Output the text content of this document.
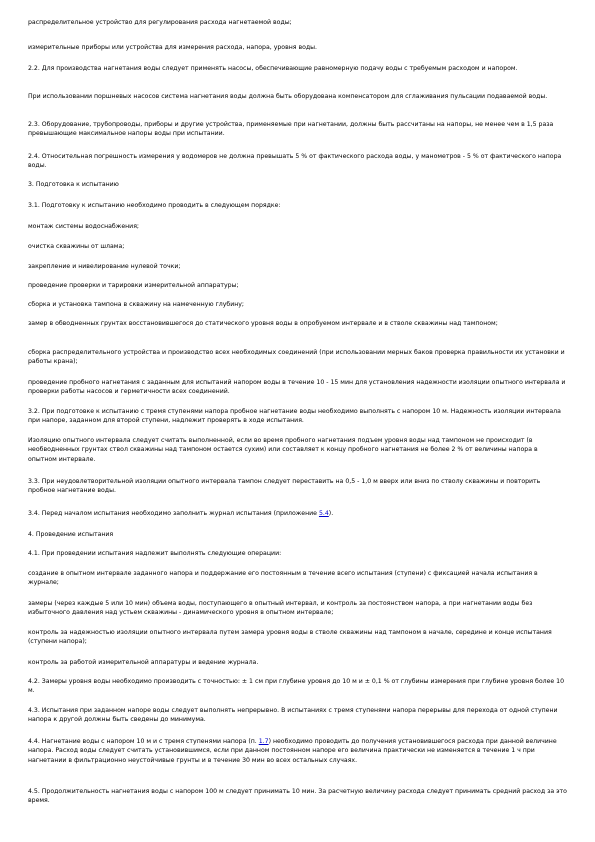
распределительное устройство для регулирования расхода нагнетаемой воды;

измерительные приборы или устройства для измерения расхода, напора, уровня воды.

2.2. Для производства нагнетания воды следует применять насосы, обеспечивающие равномерную подачу воды с требуемым расходом и напором.

При использовании поршневых насосов система нагнетания воды должна быть оборудована компенсатором для сглаживания пульсации подаваемой воды.

2.3. Оборудование, трубопроводы, приборы и другие устройства, применяемые при нагнетании, должны быть рассчитаны на напоры, не менее чем в 1,5 раза превышающие максимальное напоры воды при испытании.

2.4. Относительная погрешность измерения у водомеров не должна превышать 5 % от фактического расхода воды, у манометров - 5 % от фактического напора воды.

3. Подготовка к испытанию

3.1. Подготовку к испытанию необходимо проводить в следующем порядке:

монтаж системы водоснабжения;

очистка скважины от шлама;

закрепление и нивелирование нулевой точки;

проведение проверки и тарировки измерительной аппаратуры;

сборка и установка тампона в скважину на намеченную глубину;

замер в обводненных грунтах восстановившегося до статического уровня воды в опробуемом интервале и в стволе скважины над тампоном;

сборка распределительного устройства и производство всех необходимых соединений (при использовании мерных баков проверка правильности их установки и работы крана);

проведение пробного нагнетания с заданным для испытаний напором воды в течение 10 - 15 мин для установления надежности изоляции опытного интервала и проверки работы насосов и герметичности всех соединений.

3.2. При подготовке к испытанию с тремя ступенями напора пробное нагнетание воды необходимо выполнять с напором 10 м. Надежность изоляции интервала при напоре, заданном для второй ступени, надлежит проверять в ходе испытания.

Изоляцию опытного интервала следует считать выполненной, если во время пробного нагнетания подъем уровня воды над тампоном не происходит (в необводненных грунтах ствол скважины над тампоном остается сухим) или составляет к концу пробного нагнетания не более 2 % от величины напора в опытном интервале.

3.3. При неудовлетворительной изоляции опытного интервала тампон следует переставить на 0,5 - 1,0 м вверх или вниз по стволу скважины и повторить пробное нагнетание воды.

3.4. Перед началом испытания необходимо заполнить журнал испытания (приложение 5.4).

4. Проведение испытания

4.1. При проведении испытания надлежит выполнять следующие операции:

создание в опытном интервале заданного напора и поддержание его постоянным в течение всего испытания (ступени) с фиксацией начала испытания в журнале;

замеры (через каждые 5 или 10 мин) объема воды, поступающего в опытный интервал, и контроль за постоянством напора, а при нагнетании воды без избыточного давления над устьем скважины - динамического уровня в опытном интервале;

контроль за надежностью изоляции опытного интервала путем замера уровня воды в стволе скважины над тампоном в начале, середине и конце испытания (ступени напора);

контроль за работой измерительной аппаратуры и ведение журнала.

4.2. Замеры уровня воды необходимо производить с точностью: ± 1 см при глубине уровня до 10 м и ± 0,1 % от глубины измерения при глубине уровня более 10 м.

4.3. Испытания при заданном напоре воды следует выполнять непрерывно. В испытаниях с тремя ступенями напора перерывы для перехода от одной ступени напора к другой должны быть сведены до минимума.

4.4. Нагнетание воды с напором 10 м и с тремя ступенями напора (п. 1.7) необходимо проводить до получения установившегося расхода при данной величине напора. Расход воды следует считать установившимся, если при данном постоянном напоре его величина практически не изменяется в течение 1 ч при нагнетании в фильтрационно неустойчивые грунты и в течение 30 мин во всех остальных случаях.

4.5. Продолжительность нагнетания воды с напором 100 м следует принимать 10 мин. За расчетную величину расхода следует принимать средний расход за это время.
